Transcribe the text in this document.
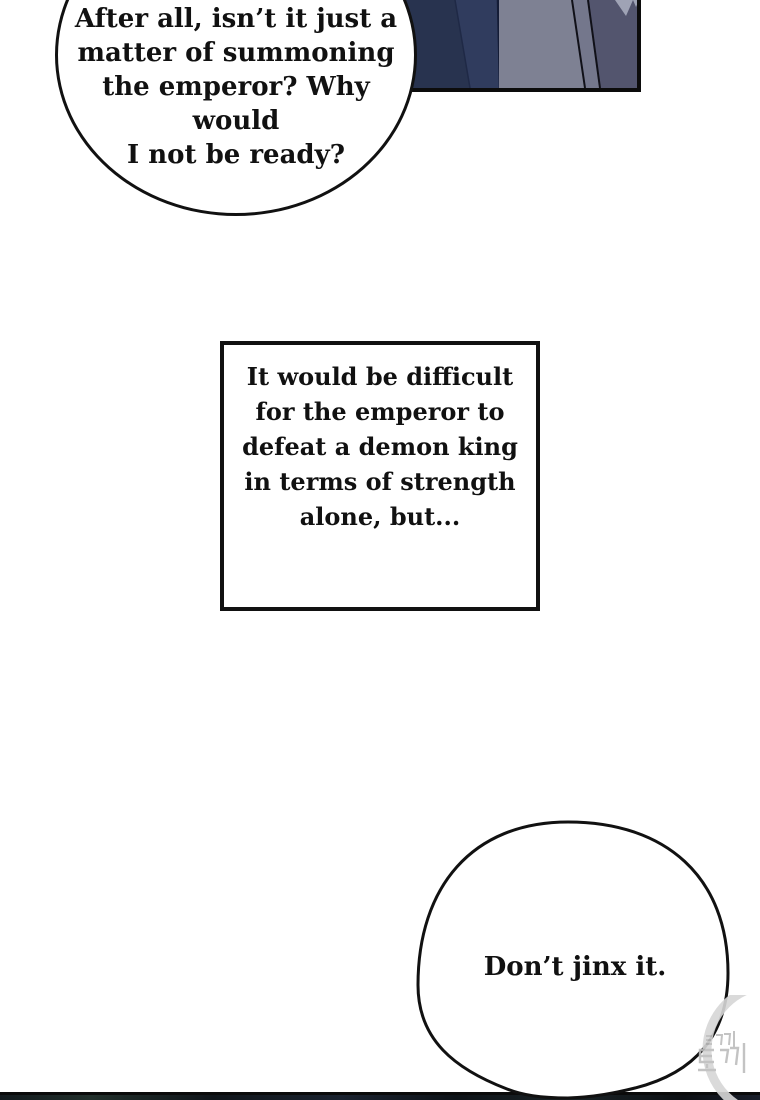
After all, isn’t it just a
matter of summoning
the emperor? Why would
I not be ready?
It would be difficult
for the emperor to
defeat a demon king
in terms of strength
alone, but...
Don’t jinx it.
